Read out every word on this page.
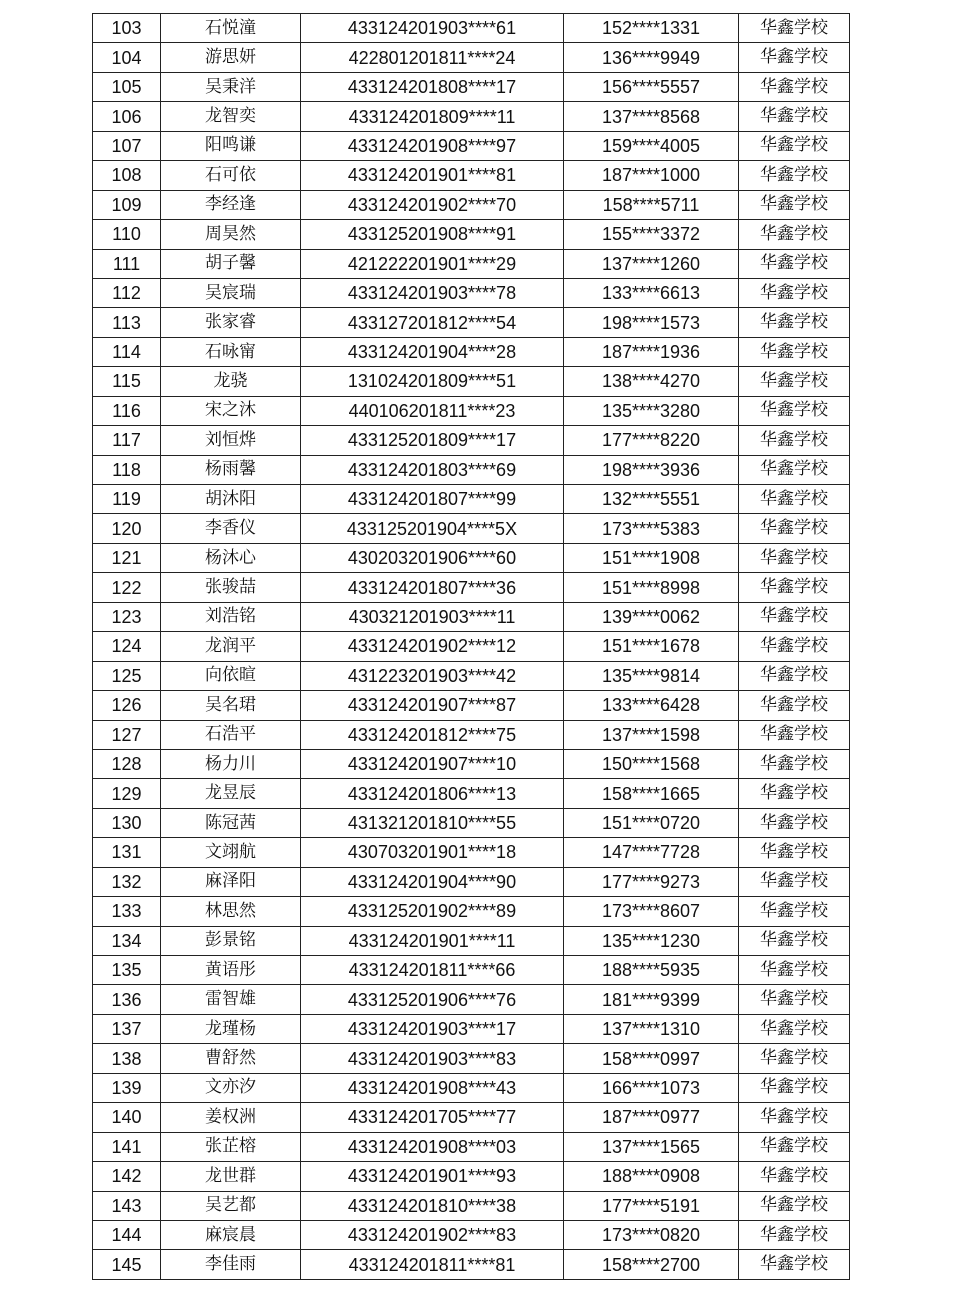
103	石悦潼	433124201903****61	152****1331	华鑫学校
104	游思妍	422801201811****24	136****9949	华鑫学校
105	吴秉洋	433124201808****17	156****5557	华鑫学校
106	龙智奕	433124201809****11	137****8568	华鑫学校
107	阳鸣谦	433124201908****97	159****4005	华鑫学校
108	石可依	433124201901****81	187****1000	华鑫学校
109	李经逢	433124201902****70	158****5711	华鑫学校
110	周昊然	433125201908****91	155****3372	华鑫学校
111	胡子馨	421222201901****29	137****1260	华鑫学校
112	吴宸瑞	433124201903****78	133****6613	华鑫学校
113	张家睿	433127201812****54	198****1573	华鑫学校
114	石咏甯	433124201904****28	187****1936	华鑫学校
115	龙骁	131024201809****51	138****4270	华鑫学校
116	宋之沐	440106201811****23	135****3280	华鑫学校
117	刘恒烨	433125201809****17	177****8220	华鑫学校
118	杨雨馨	433124201803****69	198****3936	华鑫学校
119	胡沐阳	433124201807****99	132****5551	华鑫学校
120	李香仪	433125201904****5X	173****5383	华鑫学校
121	杨沐心	430203201906****60	151****1908	华鑫学校
122	张骏喆	433124201807****36	151****8998	华鑫学校
123	刘浩铭	430321201903****11	139****0062	华鑫学校
124	龙润平	433124201902****12	151****1678	华鑫学校
125	向依暄	431223201903****42	135****9814	华鑫学校
126	吴名珺	433124201907****87	133****6428	华鑫学校
127	石浩平	433124201812****75	137****1598	华鑫学校
128	杨力川	433124201907****10	150****1568	华鑫学校
129	龙昱辰	433124201806****13	158****1665	华鑫学校
130	陈冠茜	431321201810****55	151****0720	华鑫学校
131	文翊航	430703201901****18	147****7728	华鑫学校
132	麻泽阳	433124201904****90	177****9273	华鑫学校
133	林思然	433125201902****89	173****8607	华鑫学校
134	彭景铭	433124201901****11	135****1230	华鑫学校
135	黄语彤	433124201811****66	188****5935	华鑫学校
136	雷智雄	433125201906****76	181****9399	华鑫学校
137	龙瑾杨	433124201903****17	137****1310	华鑫学校
138	曹舒然	433124201903****83	158****0997	华鑫学校
139	文亦汐	433124201908****43	166****1073	华鑫学校
140	姜权洲	433124201705****77	187****0977	华鑫学校
141	张芷榕	433124201908****03	137****1565	华鑫学校
142	龙世群	433124201901****93	188****0908	华鑫学校
143	吴艺都	433124201810****38	177****5191	华鑫学校
144	麻宸晨	433124201902****83	173****0820	华鑫学校
145	李佳雨	433124201811****81	158****2700	华鑫学校
